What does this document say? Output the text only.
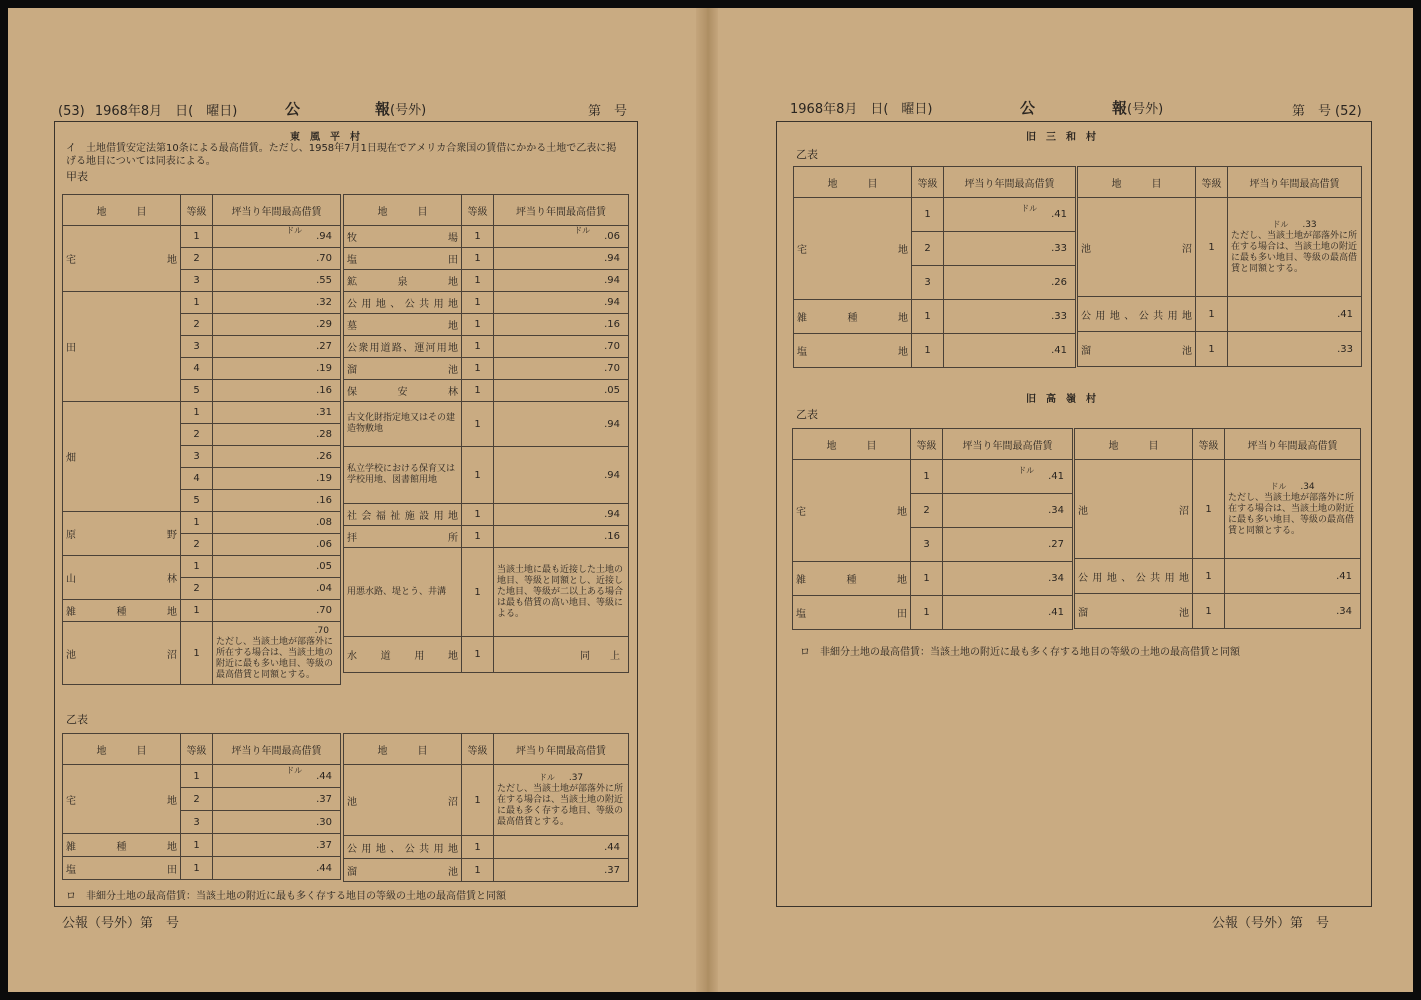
(53) 1968年8月　日(　曜日)	公	報(号外)	第　号
東　風　平　村
イ　土地借賃安定法第10条による最高借賃。ただし、1958年7月1日現在でアメリカ合衆国の賃借にかかる土地で乙表に掲げる地目については同表による。
甲表
地　　　目	等級	坪当り年間最高借賃
宅　　地	1	$^{ドル}$.94
	2	.70
	3	.55
田	1	.32
	2	.29
	3	.27
	4	.19
	5	.16
畑	1	.31
	2	.28
	3	.26
	4	.19
	5	.16
原　　野	1	.08
	2	.06
山　　林	1	.05
	2	.04
雑　種　地	1	.70
池　　沼	1	.70
ただし、当該土地が部落外に所在する場合は、当該土地の附近に最も多い地目、等級の最高借賃と同額とする。
地　　　目	等級	坪当り年間最高借賃
牧　　場	1	$^{ドル}$.06
塩　　田	1	.94
鉱　泉　地	1	.94
公用地、公共用地	1	.94
墓　　地	1	.16
公衆用道路、運河用地	1	.70
溜　　池	1	.70
保　安　林	1	.05
古文化財指定地又はその建造物敷地	1	.94
私立学校における保育又は学校用地、図書館用地	1	.94
社会福祉施設用地	1	.94
拝　　所	1	.16
用悪水路、堤とう、井溝	1	当該土地に最も近接した土地の地目、等級と同額とし、近接した地目、等級が二以上ある場合は最も借賃の高い地目、等級による。
水　道　用　地	1	同　　上
乙表
地　　　目	等級	坪当り年間最高借賃
宅　　地	1	$^{ドル}$.44
	2	.37
	3	.30
雑　種　地	1	.37
塩　　田	1	.44
地　　　目	等級	坪当り年間最高借賃
池　　沼	1	ドル .37
ただし、当該土地が部落外に所在する場合は、当該土地の附近に最も多く存する地目、等級の最高借賃とする。

公用地、公共用地	1	.44
溜　　池	1	.37
ロ　非細分土地の最高借賃：当該土地の附近に最も多く存する地目の等級の土地の最高借賃と同額
公報（号外）第　号
1968年8月　日(　曜日)	公	報(号外)	第　号 (52)
旧　三　和　村
乙表
地　　　目	等級	坪当り年間最高借賃
宅　　地	1	$^{ドル}$.41
	2	.33
	3	.26
雑　種　地	1	.33
塩　　地	1	.41
地　　　目	等級	坪当り年間最高借賃
池　　沼	1	ドル .33
ただし、当該土地が部落外に所在する場合は、当該土地の附近に最も多い地目、等級の最高借賃と同額とする。

公用地、公共用地	1	.41
溜　　池	1	.33
旧　高　嶺　村
乙表
地　　　目	等級	坪当り年間最高借賃
宅　　地	1	$^{ドル}$.41
	2	.34
	3	.27
雑　種　地	1	.34
塩　　田	1	.41
地　　　目	等級	坪当り年間最高借賃
池　　沼	1	ドル .34
ただし、当該土地が部落外に所在する場合は、当該土地の附近に最も多い地目、等級の最高借賃と同額とする。

公用地、公共用地	1	.41
溜　　池	1	.34
ロ　非細分土地の最高借賃：当該土地の附近に最も多く存する地目の等級の土地の最高借賃と同額
公報（号外）第　号
